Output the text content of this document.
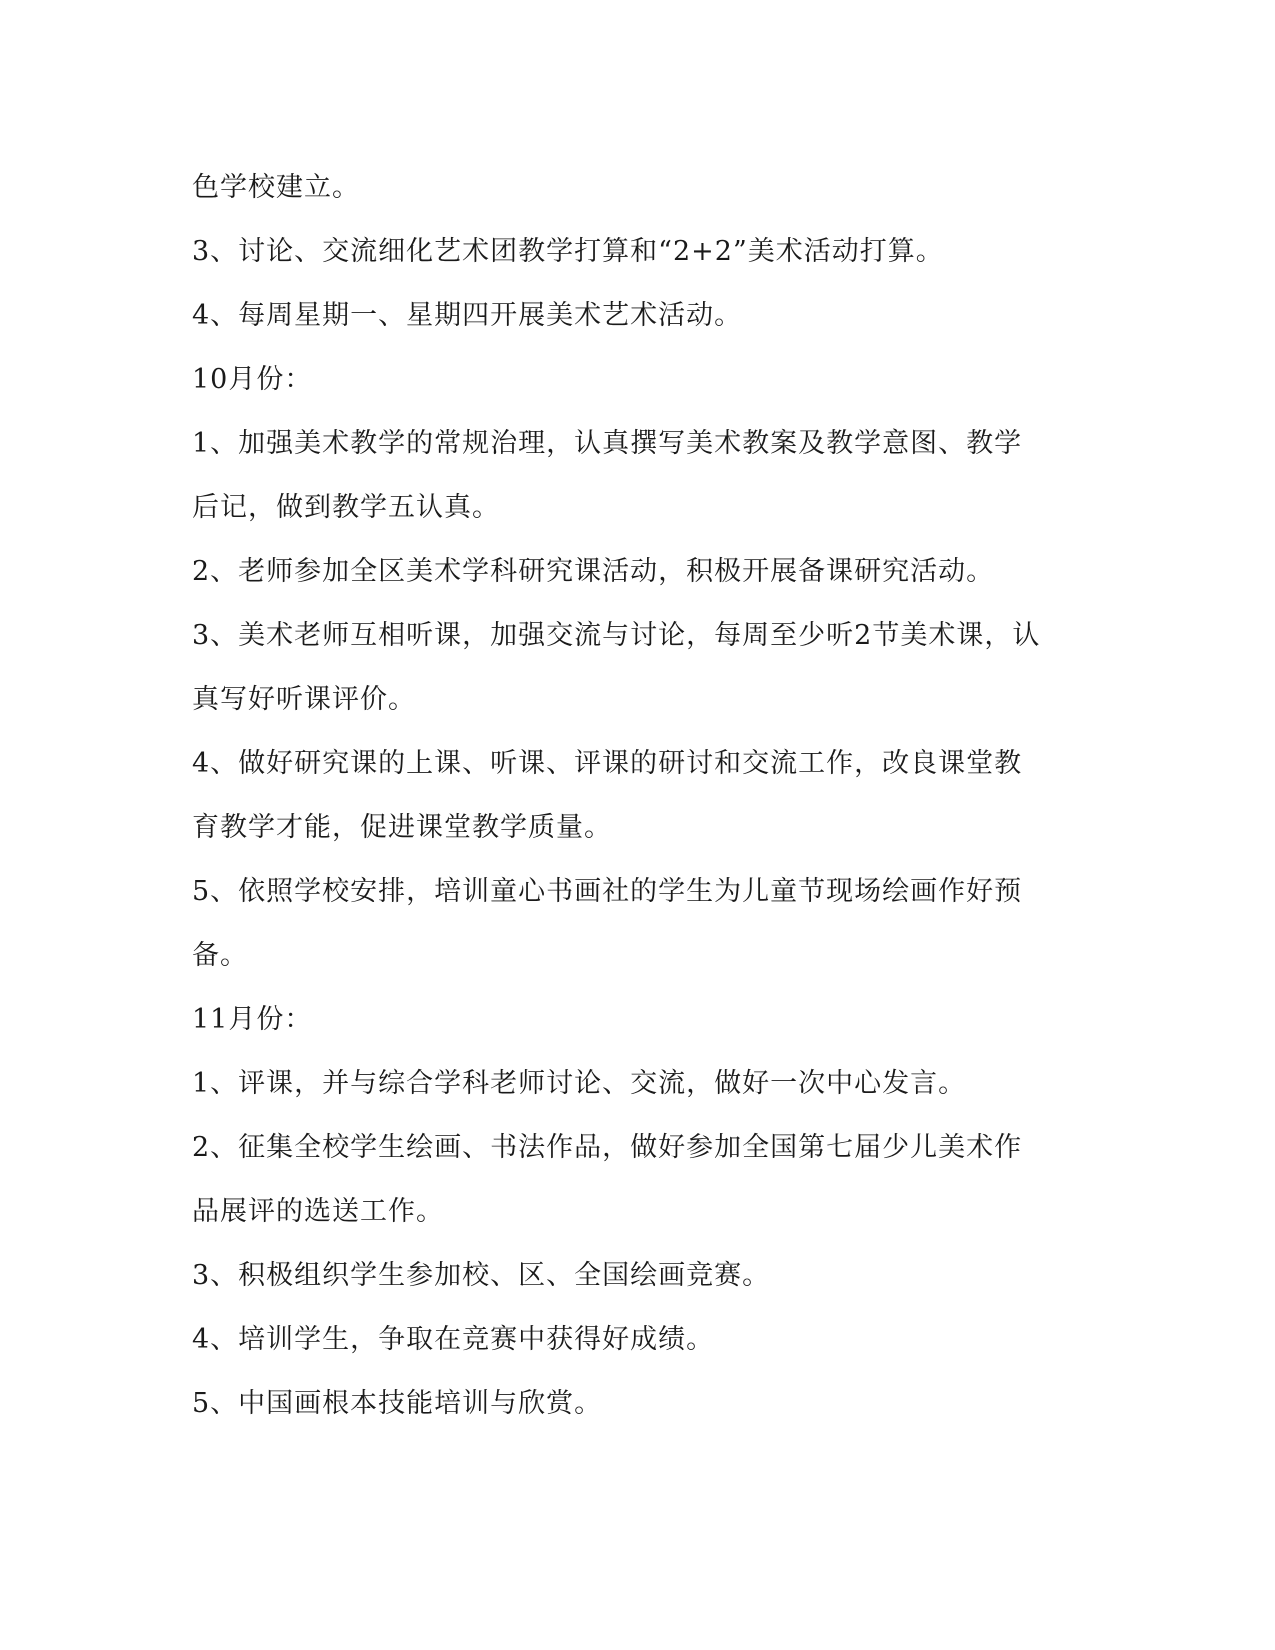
色学校建立。
3、讨论、交流细化艺术团教学打算和“2+2”美术活动打算。
4、每周星期一、星期四开展美术艺术活动。
10月份：
1、加强美术教学的常规治理，认真撰写美术教案及教学意图、教学
后记，做到教学五认真。
2、老师参加全区美术学科研究课活动，积极开展备课研究活动。
3、美术老师互相听课，加强交流与讨论，每周至少听2节美术课，认
真写好听课评价。
4、做好研究课的上课、听课、评课的研讨和交流工作，改良课堂教
育教学才能，促进课堂教学质量。
5、依照学校安排，培训童心书画社的学生为儿童节现场绘画作好预
备。
11月份：
1、评课，并与综合学科老师讨论、交流，做好一次中心发言。
2、征集全校学生绘画、书法作品，做好参加全国第七届少儿美术作
品展评的选送工作。
3、积极组织学生参加校、区、全国绘画竞赛。
4、培训学生，争取在竞赛中获得好成绩。
5、中国画根本技能培训与欣赏。
